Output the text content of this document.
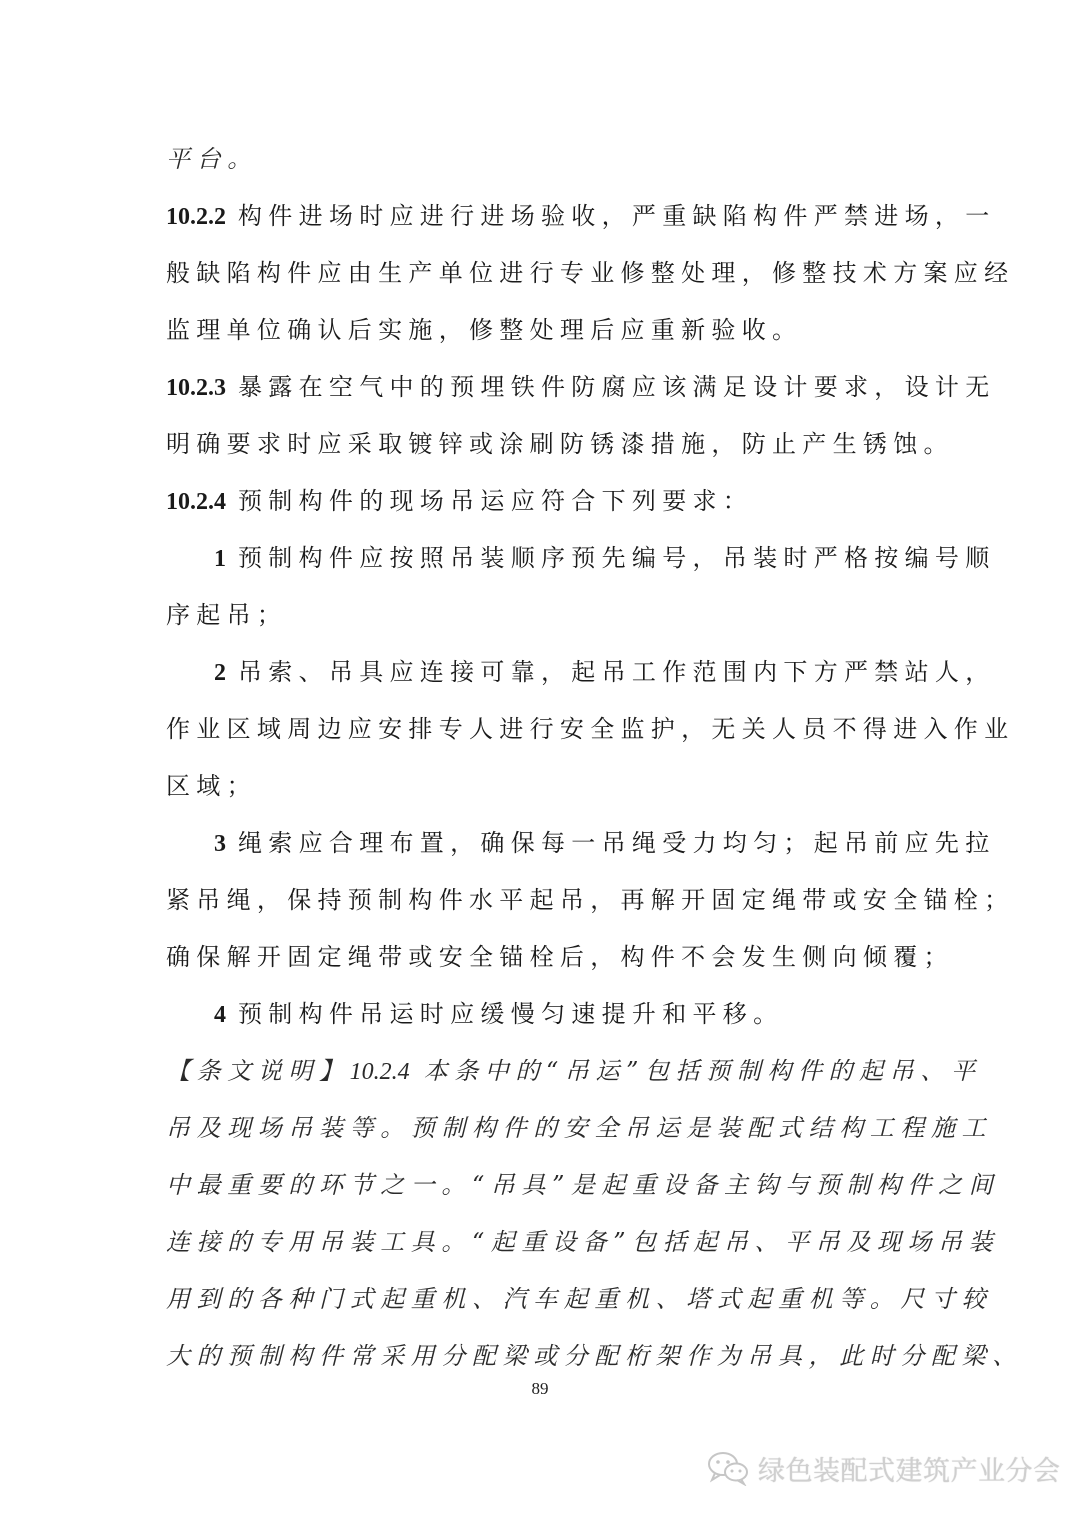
平台。
10.2.2 构件进场时应进行进场验收，严重缺陷构件严禁进场，一
般缺陷构件应由生产单位进行专业修整处理，修整技术方案应经
监理单位确认后实施，修整处理后应重新验收。
10.2.3 暴露在空气中的预埋铁件防腐应该满足设计要求，设计无
明确要求时应采取镀锌或涂刷防锈漆措施，防止产生锈蚀。
10.2.4 预制构件的现场吊运应符合下列要求：
1 预制构件应按照吊装顺序预先编号，吊装时严格按编号顺
序起吊；
2 吊索、吊具应连接可靠，起吊工作范围内下方严禁站人，
作业区域周边应安排专人进行安全监护，无关人员不得进入作业
区域；
3 绳索应合理布置，确保每一吊绳受力均匀；起吊前应先拉
紧吊绳，保持预制构件水平起吊，再解开固定绳带或安全锚栓；
确保解开固定绳带或安全锚栓后，构件不会发生侧向倾覆；
4 预制构件吊运时应缓慢匀速提升和平移。
【条文说明】10.2.4 本条中的“吊运”包括预制构件的起吊、平
吊及现场吊装等。预制构件的安全吊运是装配式结构工程施工
中最重要的环节之一。“吊具”是起重设备主钩与预制构件之间
连接的专用吊装工具。“起重设备”包括起吊、平吊及现场吊装
用到的各种门式起重机、汽车起重机、塔式起重机等。尺寸较
大的预制构件常采用分配梁或分配桁架作为吊具，此时分配梁、
89
绿色装配式建筑产业分会
